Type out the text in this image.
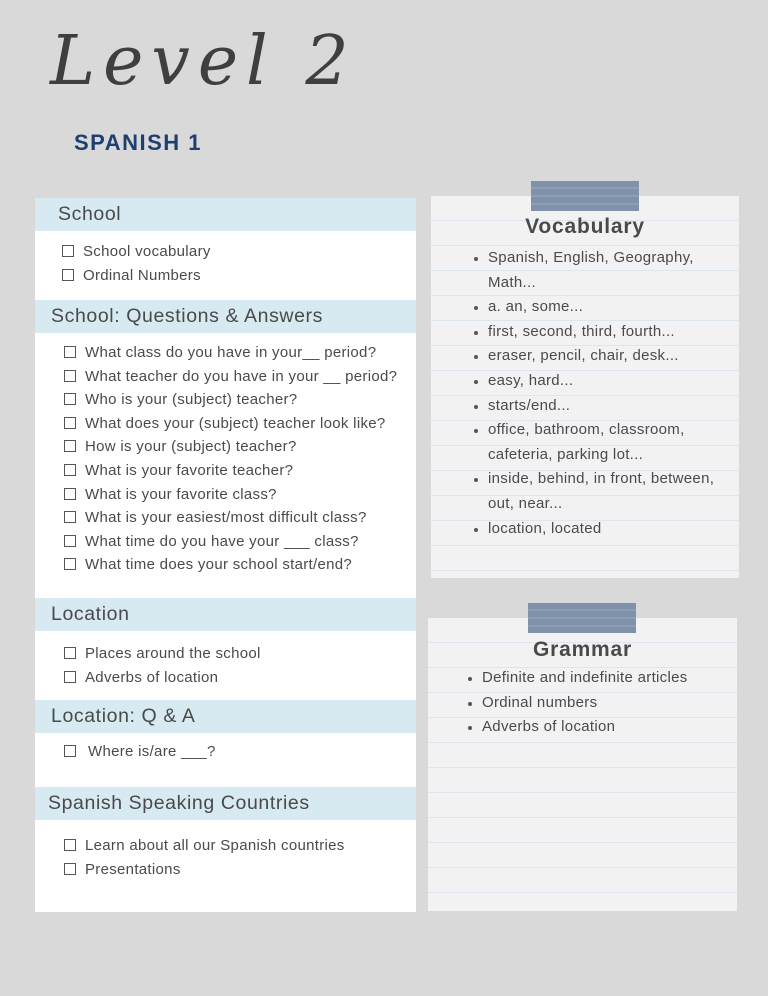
Level 2
SPANISH 1
School
School vocabulary
Ordinal Numbers
School: Questions & Answers
What class do you have in your__ period?
What teacher do you have in your __ period?
Who is your (subject) teacher?
What does your (subject) teacher look like?
How is your (subject) teacher?
What is your favorite teacher?
What is your favorite class?
What is your easiest/most difficult class?
What time do you have your ___ class?
What time does your school start/end?
Location
Places around the school
Adverbs of location
Location: Q & A
Where is/are ___?
Spanish Speaking Countries
Learn about all our Spanish countries
Presentations
Vocabulary
Spanish, English, Geography, Math...
a. an, some...
first, second, third, fourth...
eraser, pencil, chair, desk...
easy, hard...
starts/end...
office, bathroom, classroom, cafeteria, parking lot...
inside, behind, in front, between, out, near...
location, located
Grammar
Definite and indefinite articles
Ordinal numbers
Adverbs of location
